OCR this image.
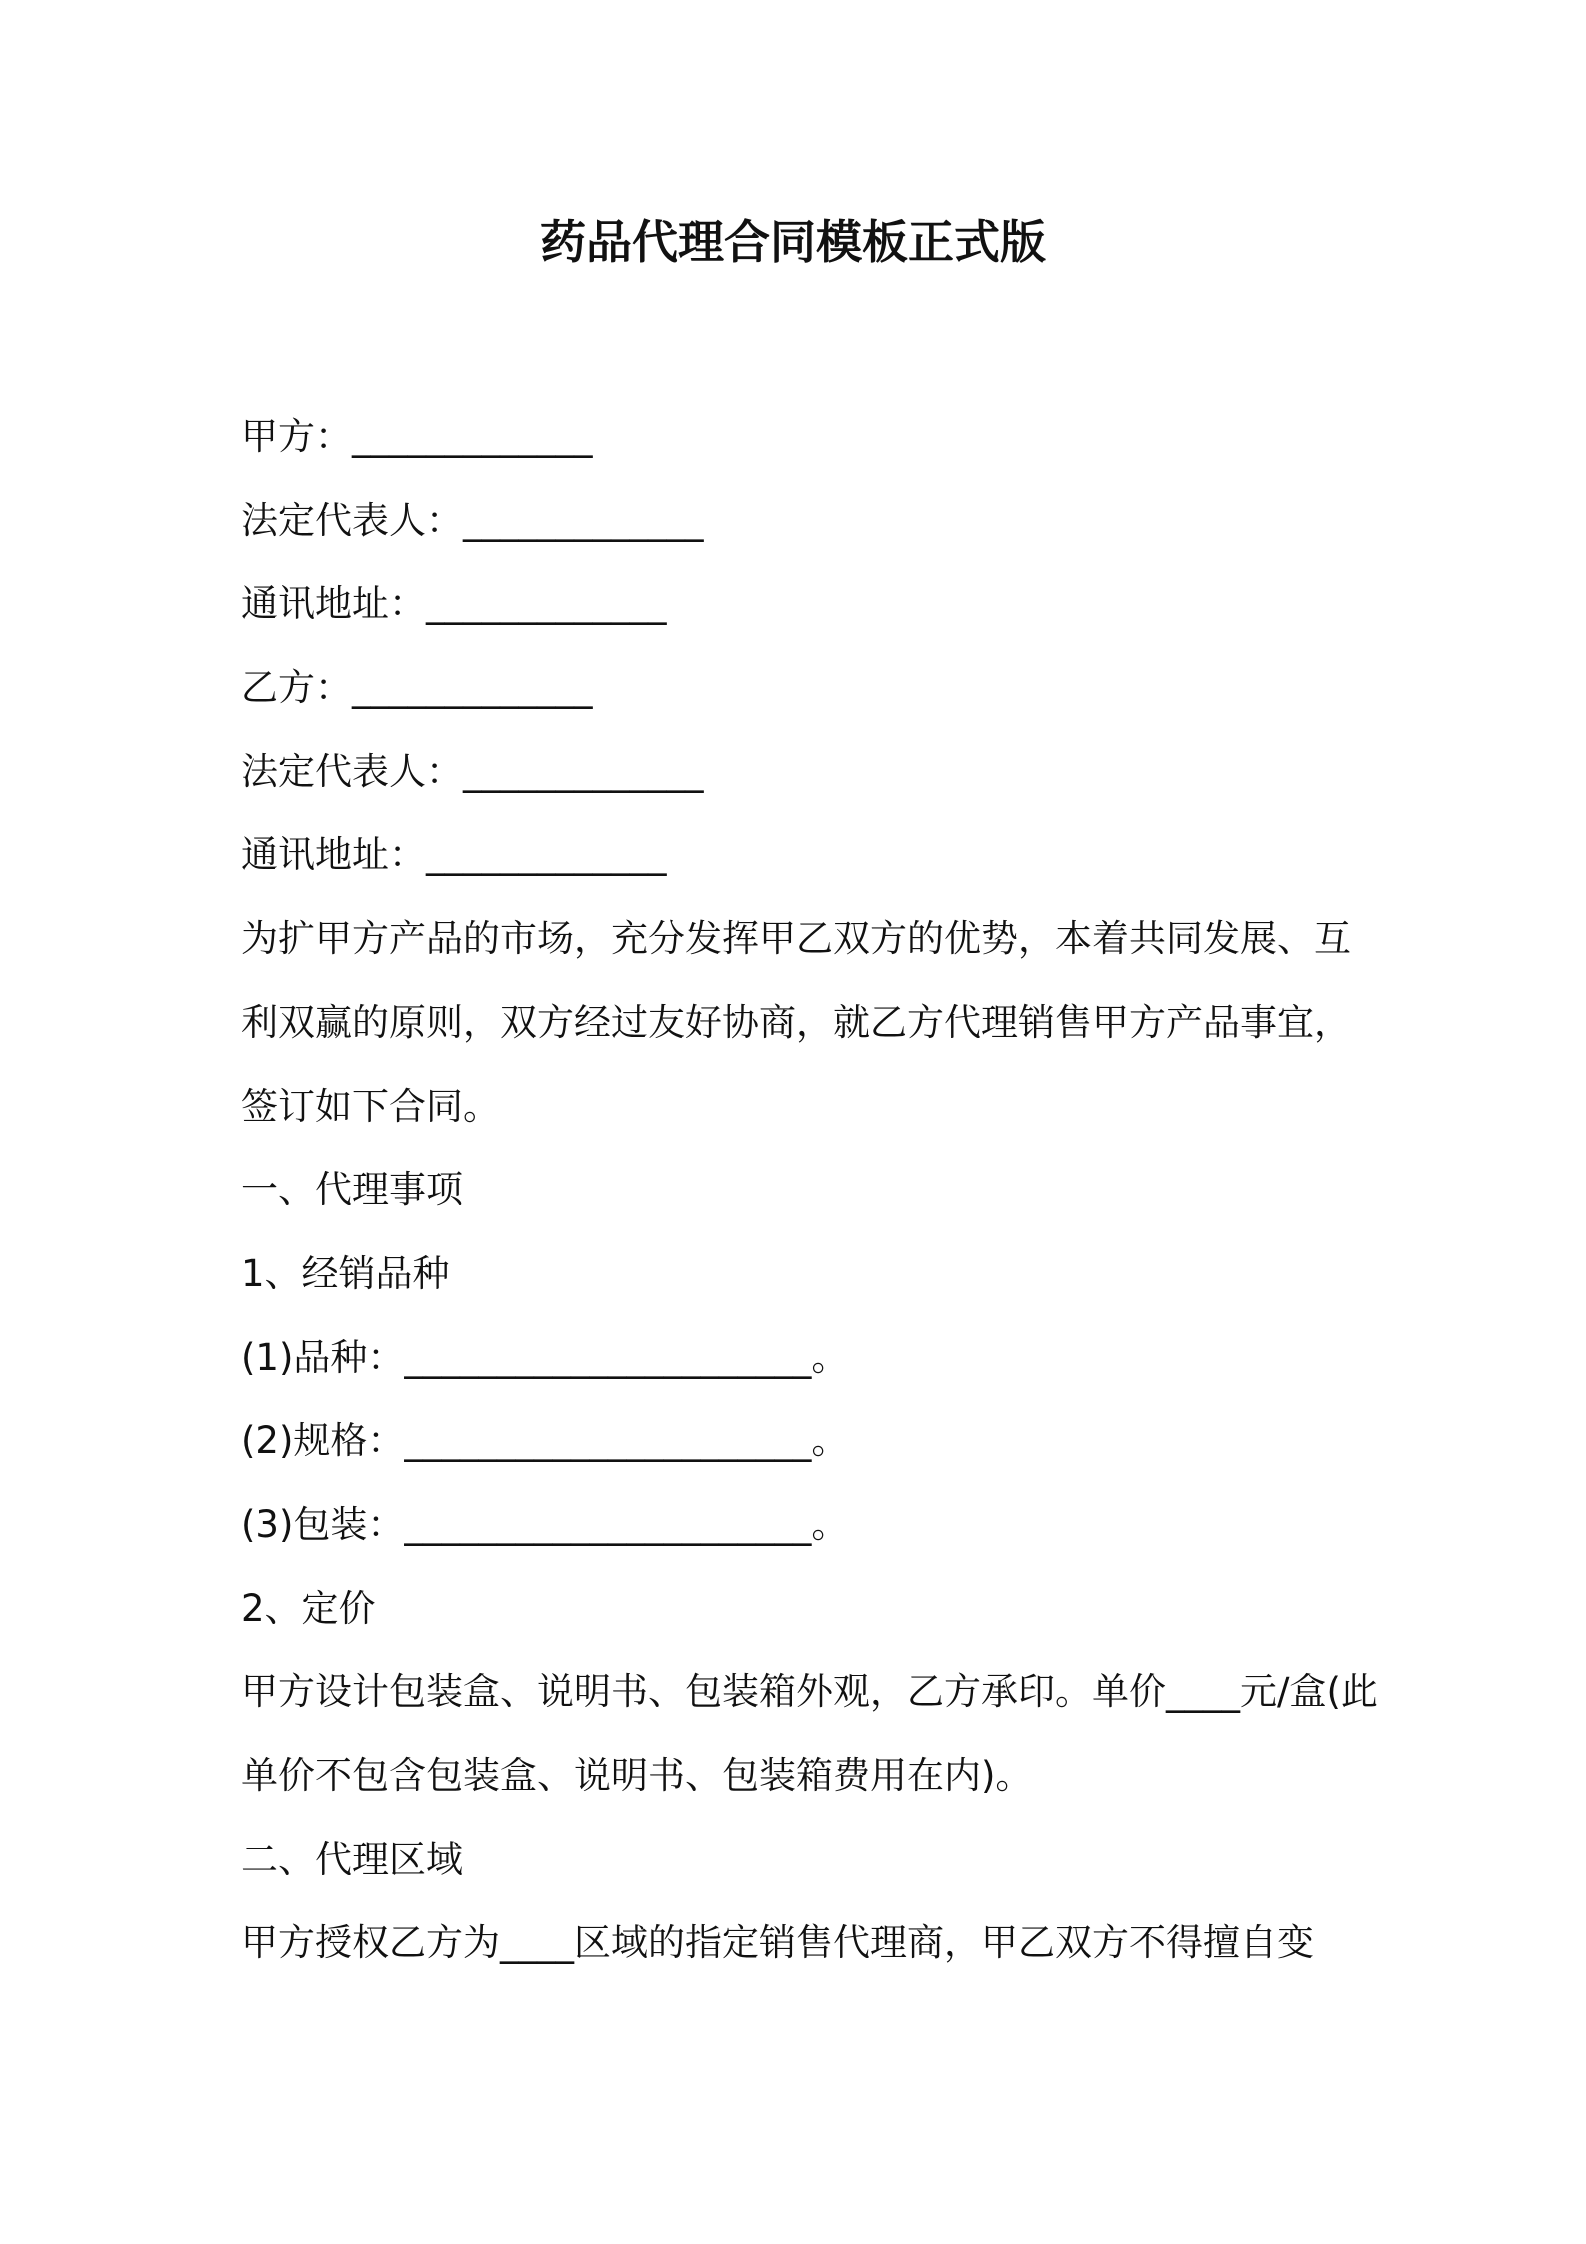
药品代理合同模板正式版
甲方：_____________
法定代表人：_____________
通讯地址：_____________
乙方：_____________
法定代表人：_____________
通讯地址：_____________
为扩甲方产品的市场，充分发挥甲乙双方的优势，本着共同发展、互
利双赢的原则，双方经过友好协商，就乙方代理销售甲方产品事宜，
签订如下合同。
一、代理事项
1、经销品种
(1)品种：______________________。
(2)规格：______________________。
(3)包装：______________________。
2、定价
甲方设计包装盒、说明书、包装箱外观，乙方承印。单价____元/盒(此
单价不包含包装盒、说明书、包装箱费用在内)。
二、代理区域
甲方授权乙方为____区域的指定销售代理商，甲乙双方不得擅自变
